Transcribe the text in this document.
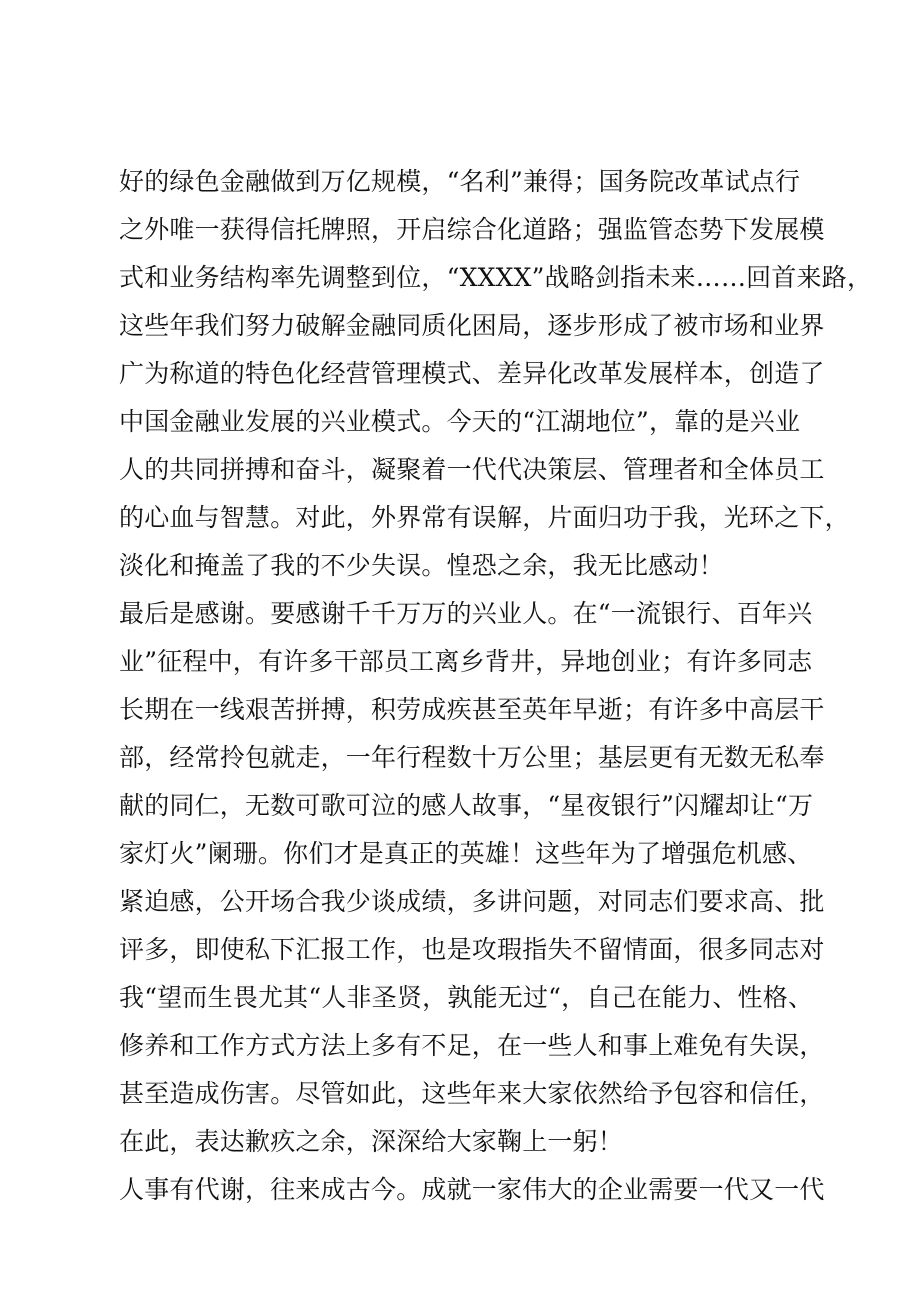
好的绿色金融做到万亿规模，“名利”兼得；国务院改革试点行
之外唯一获得信托牌照，开启综合化道路；强监管态势下发展模
式和业务结构率先调整到位，“XXXX”战略剑指未来……回首来路，
这些年我们努力破解金融同质化困局，逐步形成了被市场和业界
广为称道的特色化经营管理模式、差异化改革发展样本，创造了
中国金融业发展的兴业模式。今天的“江湖地位”，靠的是兴业
人的共同拼搏和奋斗，凝聚着一代代决策层、管理者和全体员工
的心血与智慧。对此，外界常有误解，片面归功于我，光环之下，
淡化和掩盖了我的不少失误。惶恐之余，我无比感动！
最后是感谢。要感谢千千万万的兴业人。在“一流银行、百年兴
业”征程中，有许多干部员工离乡背井，异地创业；有许多同志
长期在一线艰苦拼搏，积劳成疾甚至英年早逝；有许多中高层干
部，经常拎包就走，一年行程数十万公里；基层更有无数无私奉
献的同仁，无数可歌可泣的感人故事，“星夜银行”闪耀却让“万
家灯火”阑珊。你们才是真正的英雄！这些年为了增强危机感、
紧迫感，公开场合我少谈成绩，多讲问题，对同志们要求高、批
评多，即使私下汇报工作，也是攻瑕指失不留情面，很多同志对
我“望而生畏尤其“人非圣贤，孰能无过“，自己在能力、性格、
修养和工作方式方法上多有不足，在一些人和事上难免有失误，
甚至造成伤害。尽管如此，这些年来大家依然给予包容和信任，
在此，表达歉疚之余，深深给大家鞠上一躬！
人事有代谢，往来成古今。成就一家伟大的企业需要一代又一代
